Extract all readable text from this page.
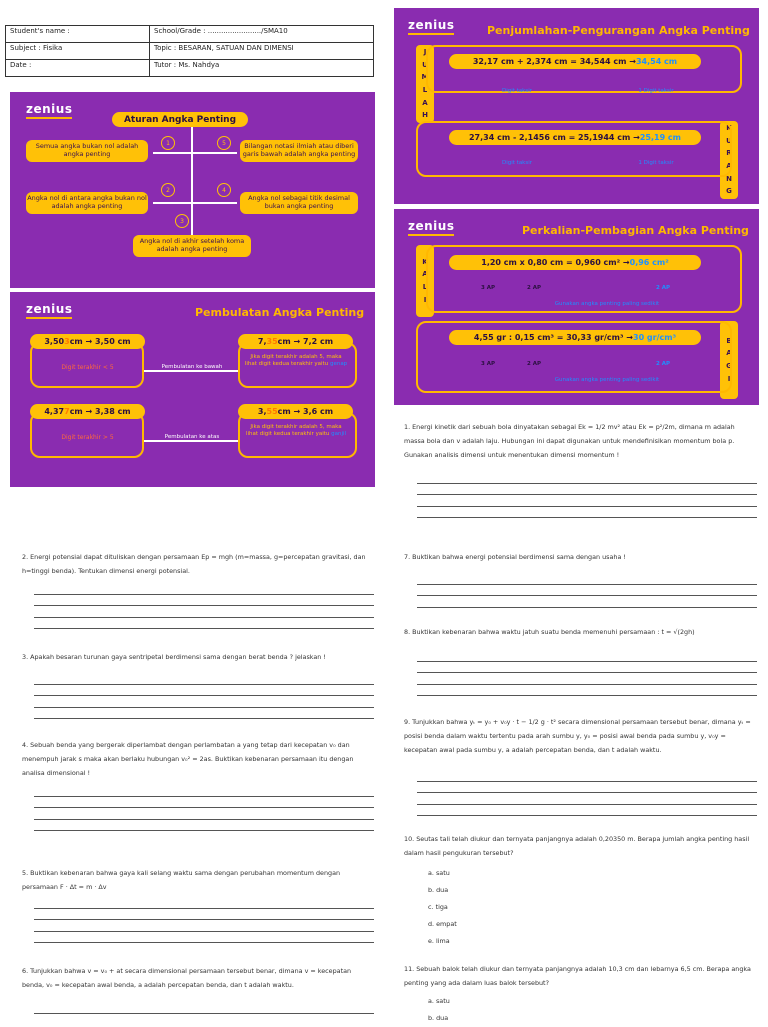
Student's name :	School/Grade : ......................../SMA10
Subject : Fisika	Topic : BESARAN, SATUAN DAN DIMENSI
Date :	Tutor : Ms. Nahdya
zenius
Aturan Angka Penting
1	5
2	4
3
Semua angka bukan nol adalah angka penting
Bilangan notasi ilmiah atau diberi garis bawah adalah angka penting
Angka nol di antara angka bukan nol adalah angka penting
Angka nol sebagai titik desimal bukan angka penting
Angka nol di akhir setelah koma adalah angka penting
zenius	Pembulatan Angka Penting
3,50 3 cm → 3,50 cm
Digit terakhir < 5	Pembulatan ke bawah
7, 35 cm → 7,2 cm
Jika digit terakhir adalah 5, maka lihat digit kedua terakhir yaitu genap
4,37 7 cm → 3,38 cm
Digit terakhir > 5	Pembulatan ke atas
3, 55 cm → 3,6 cm
Jika digit terakhir adalah 5, maka lihat digit kedua terakhir yaitu ganjil
zenius	Penjumlahan-Pengurangan Angka Penting
J
U
M
L
A
H
32,17 cm + 2,374 cm = 34,544 cm → 34,54 cm
Digit taksir	1 Digit taksir
K
U
R
A
N
G
27,34 cm - 2,1456 cm = 25,1944 cm → 25,19 cm
Digit taksir	1 Digit taksir
zenius	Perkalian-Pembagian Angka Penting
K
A
L
I
1,20 cm x 0,80 cm = 0,960 cm² → 0,96 cm²
3 AP	2 AP	2 AP
Gunakan angka penting paling sedikit
B
A
G
I
4,55 gr : 0,15 cm³ = 30,33 gr/cm³ → 30 gr/cm³
3 AP	2 AP	2 AP
Gunakan angka penting paling sedikit
1. Energi kinetik dari sebuah bola dinyatakan sebagai Ek = 1/2 mv² atau Ek = p²/2m, dimana m adalah massa bola dan v adalah laju. Hubungan ini dapat digunakan untuk mendefinisikan momentum bola p. Gunakan analisis dimensi untuk menentukan dimensi momentum !
7. Buktikan bahwa energi potensial berdimensi sama dengan usaha !
8. Buktikan kebenaran bahwa waktu jatuh suatu benda memenuhi persamaan : t = √(2gh)
9. Tunjukkan bahwa yₜ = y₀ + v₀y · t − 1/2 g · t² secara dimensional persamaan tersebut benar, dimana yₜ = posisi benda dalam waktu tertentu pada arah sumbu y, y₀ = posisi awal benda pada sumbu y, v₀y = kecepatan awal pada sumbu y, a adalah percepatan benda, dan t adalah waktu.
10. Seutas tali telah diukur dan ternyata panjangnya adalah 0,20350 m. Berapa jumlah angka penting hasil dalam hasil pengukuran tersebut?
a. satu
b. dua
c. tiga
d. empat
e. lima
11. Sebuah balok telah diukur dan ternyata panjangnya adalah 10,3 cm dan lebarnya 6,5 cm. Berapa angka penting yang ada dalam luas balok tersebut?
a. satu
b. dua
2. Energi potensial dapat dituliskan dengan persamaan Ep = mgh (m=massa, g=percepatan gravitasi, dan h=tinggi benda). Tentukan dimensi energi potensial.
3. Apakah besaran turunan gaya sentripetal berdimensi sama dengan berat benda ? jelaskan !
4. Sebuah benda yang bergerak diperlambat dengan perlambatan a yang tetap dari kecepatan v₀ dan menempuh jarak s maka akan berlaku hubungan v₀² = 2as. Buktikan kebenaran persamaan itu dengan analisa dimensional !
5. Buktikan kebenaran bahwa gaya kali selang waktu sama dengan perubahan momentum dengan persamaan F · Δt = m · Δv
6. Tunjukkan bahwa v = v₀ + at secara dimensional persamaan tersebut benar, dimana v = kecepatan benda, v₀ = kecepatan awal benda, a adalah percepatan benda, dan t adalah waktu.
